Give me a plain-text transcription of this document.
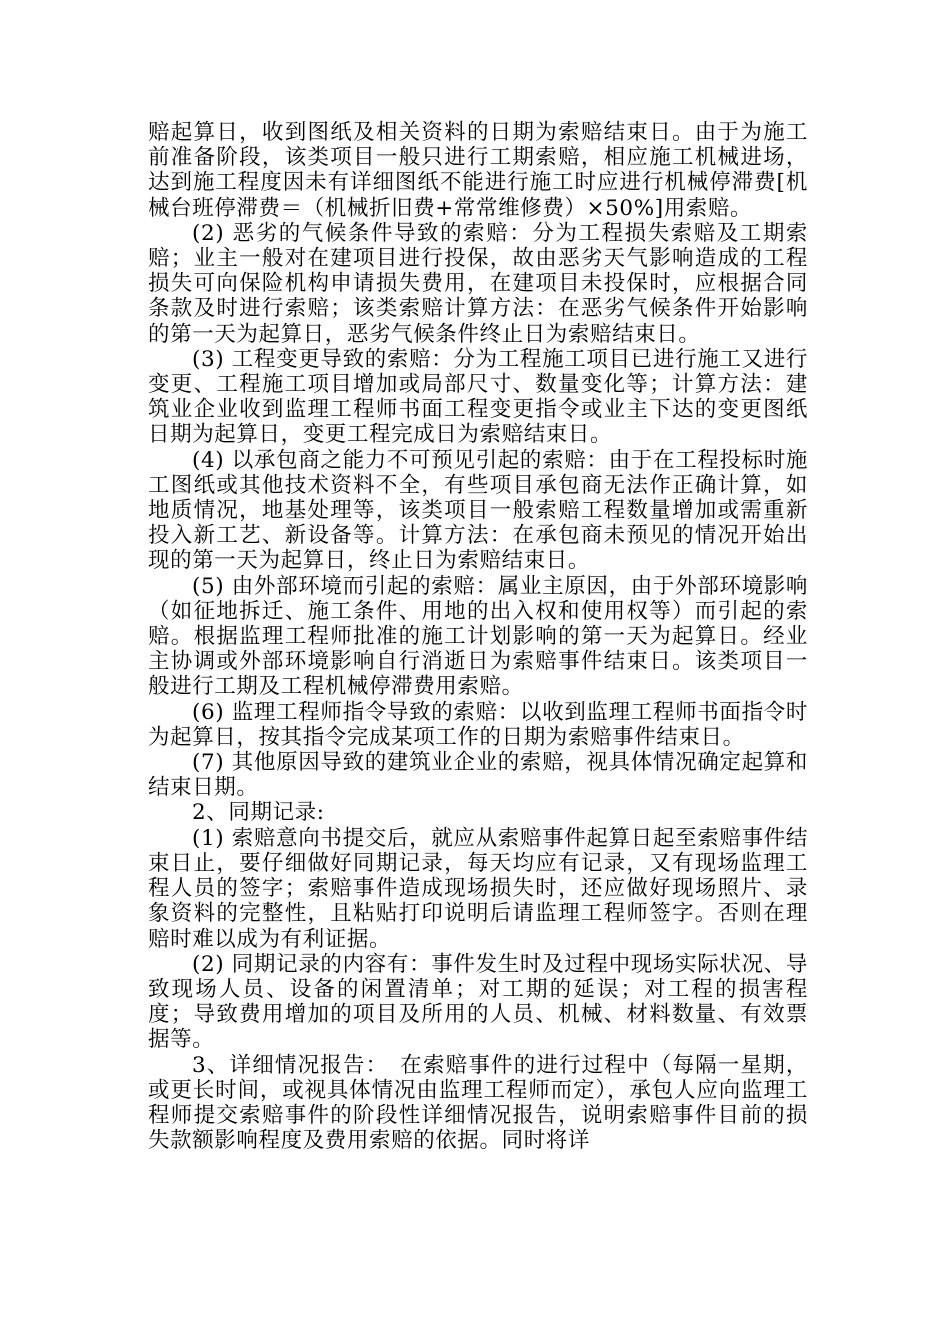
赔起算日，收到图纸及相关资料的日期为索赔结束日。由于为施工前准备阶段，该类项目一般只进行工期索赔，相应施工机械进场，达到施工程度因未有详细图纸不能进行施工时应进行机械停滞费[机械台班停滞费＝（机械折旧费+常常维修费）×50%]用索赔。

(2) 恶劣的气候条件导致的索赔：分为工程损失索赔及工期索赔；业主一般对在建项目进行投保，故由恶劣天气影响造成的工程损失可向保险机构申请损失费用，在建项目未投保时，应根据合同条款及时进行索赔；该类索赔计算方法：在恶劣气候条件开始影响的第一天为起算日，恶劣气候条件终止日为索赔结束日。

(3) 工程变更导致的索赔：分为工程施工项目已进行施工又进行变更、工程施工项目增加或局部尺寸、数量变化等；计算方法：建筑业企业收到监理工程师书面工程变更指令或业主下达的变更图纸日期为起算日，变更工程完成日为索赔结束日。

(4) 以承包商之能力不可预见引起的索赔：由于在工程投标时施工图纸或其他技术资料不全，有些项目承包商无法作正确计算，如地质情况，地基处理等，该类项目一般索赔工程数量增加或需重新投入新工艺、新设备等。计算方法：在承包商未预见的情况开始出现的第一天为起算日，终止日为索赔结束日。

(5) 由外部环境而引起的索赔：属业主原因，由于外部环境影响（如征地拆迁、施工条件、用地的出入权和使用权等）而引起的索赔。根据监理工程师批准的施工计划影响的第一天为起算日。经业主协调或外部环境影响自行消逝日为索赔事件结束日。该类项目一般进行工期及工程机械停滞费用索赔。

(6) 监理工程师指令导致的索赔：以收到监理工程师书面指令时为起算日，按其指令完成某项工作的日期为索赔事件结束日。

(7) 其他原因导致的建筑业企业的索赔，视具体情况确定起算和结束日期。

2、同期记录:

(1) 索赔意向书提交后，就应从索赔事件起算日起至索赔事件结束日止，要仔细做好同期记录，每天均应有记录，又有现场监理工程人员的签字；索赔事件造成现场损失时，还应做好现场照片、录象资料的完整性，且粘贴打印说明后请监理工程师签字。否则在理赔时难以成为有利证据。

(2) 同期记录的内容有：事件发生时及过程中现场实际状况、导致现场人员、设备的闲置清单；对工期的延误；对工程的损害程度；导致费用增加的项目及所用的人员、机械、材料数量、有效票据等。

3、详细情况报告：　在索赔事件的进行过程中（每隔一星期，或更长时间，或视具体情况由监理工程师而定），承包人应向监理工程师提交索赔事件的阶段性详细情况报告，说明索赔事件目前的损失款额影响程度及费用索赔的依据。同时将详
